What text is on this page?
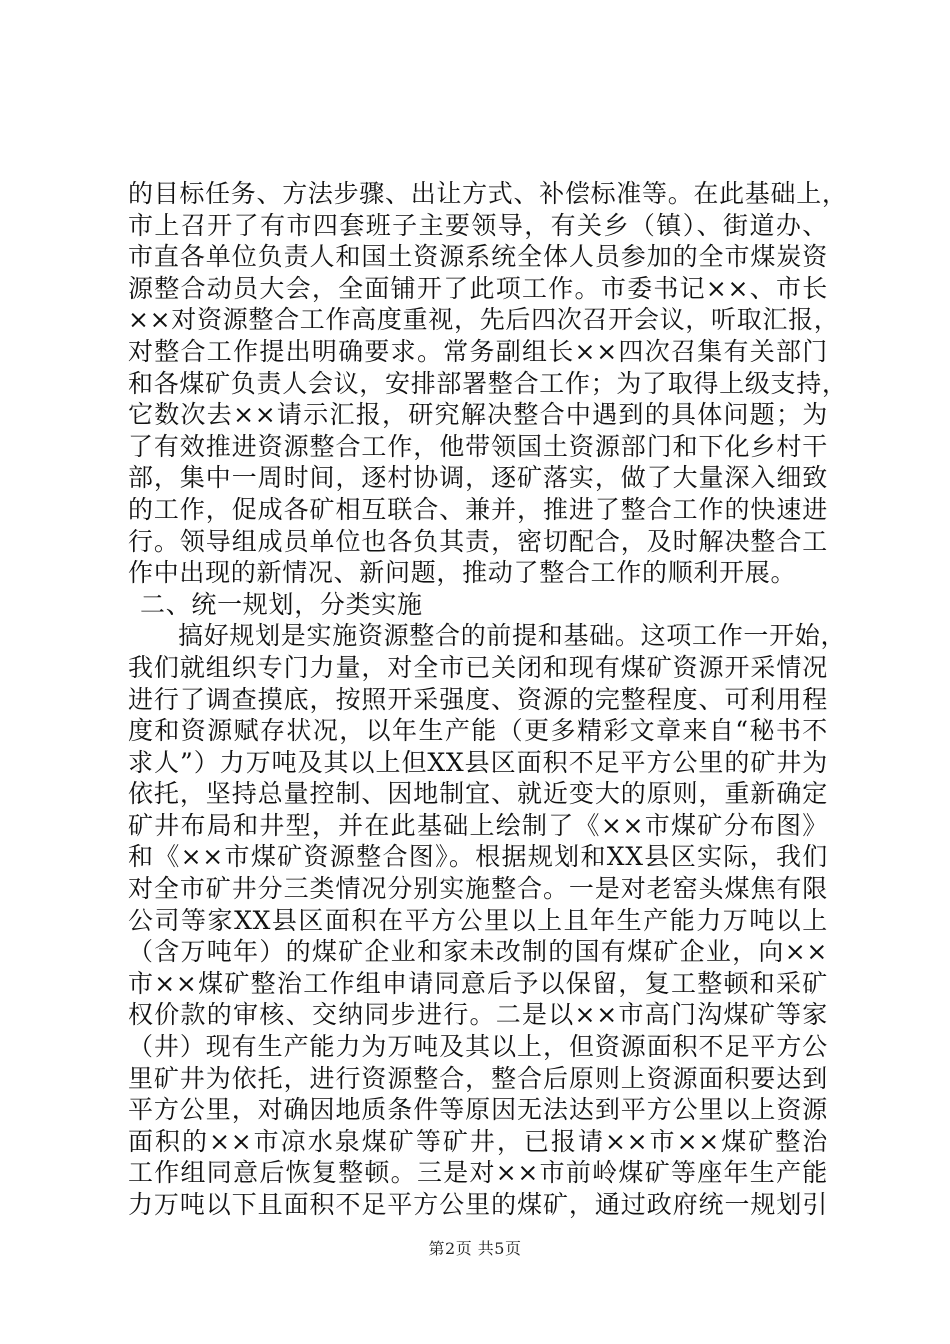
的目标任务、方法步骤、出让方式、补偿标准等。在此基础上，
市上召开了有市四套班子主要领导，有关乡（镇）、街道办、
市直各单位负责人和国土资源系统全体人员参加的全市煤炭资
源整合动员大会，全面铺开了此项工作。市委书记××、市长
××对资源整合工作高度重视，先后四次召开会议，听取汇报，
对整合工作提出明确要求。常务副组长××四次召集有关部门
和各煤矿负责人会议，安排部署整合工作；为了取得上级支持，
它数次去××请示汇报，研究解决整合中遇到的具体问题；为
了有效推进资源整合工作，他带领国土资源部门和下化乡村干
部，集中一周时间，逐村协调，逐矿落实，做了大量深入细致
的工作，促成各矿相互联合、兼并，推进了整合工作的快速进
行。领导组成员单位也各负其责，密切配合，及时解决整合工
作中出现的新情况、新问题，推动了整合工作的顺利开展。
二、统一规划，分类实施
搞好规划是实施资源整合的前提和基础。这项工作一开始，
我们就组织专门力量，对全市已关闭和现有煤矿资源开采情况
进行了调查摸底，按照开采强度、资源的完整程度、可利用程
度和资源赋存状况，以年生产能（更多精彩文章来自“秘书不
求人”）力万吨及其以上但XX县区面积不足平方公里的矿井为
依托，坚持总量控制、因地制宜、就近变大的原则，重新确定
矿井布局和井型，并在此基础上绘制了《××市煤矿分布图》
和《××市煤矿资源整合图》。根据规划和XX县区实际，我们
对全市矿井分三类情况分别实施整合。一是对老窑头煤焦有限
公司等家XX县区面积在平方公里以上且年生产能力万吨以上
（含万吨年）的煤矿企业和家未改制的国有煤矿企业，向××
市××煤矿整治工作组申请同意后予以保留，复工整顿和采矿
权价款的审核、交纳同步进行。二是以××市高门沟煤矿等家
（井）现有生产能力为万吨及其以上，但资源面积不足平方公
里矿井为依托，进行资源整合，整合后原则上资源面积要达到
平方公里，对确因地质条件等原因无法达到平方公里以上资源
面积的××市凉水泉煤矿等矿井，已报请××市××煤矿整治
工作组同意后恢复整顿。三是对××市前岭煤矿等座年生产能
力万吨以下且面积不足平方公里的煤矿，通过政府统一规划引
第2页 共5页
